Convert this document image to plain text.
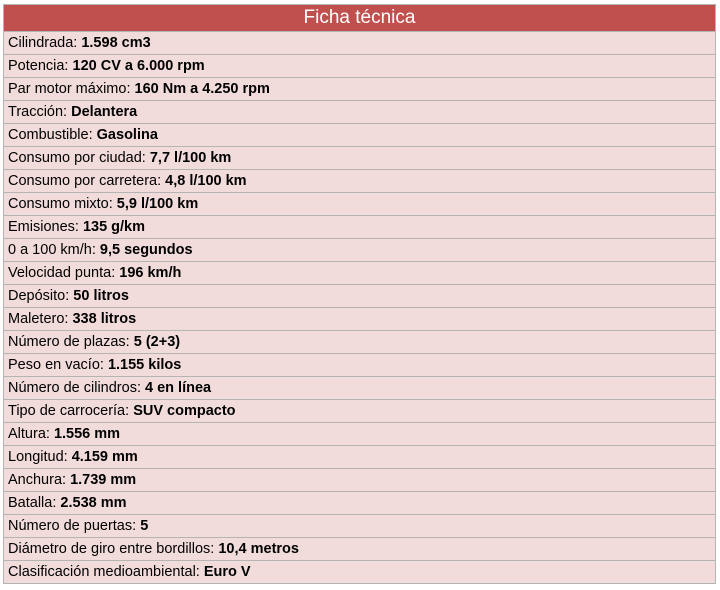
Ficha técnica
Cilindrada: 1.598 cm3
Potencia: 120 CV a 6.000 rpm
Par motor máximo: 160 Nm a 4.250 rpm
Tracción: Delantera
Combustible: Gasolina
Consumo por ciudad: 7,7 l/100 km
Consumo por carretera: 4,8 l/100 km
Consumo mixto: 5,9 l/100 km
Emisiones: 135 g/km
0 a 100 km/h: 9,5 segundos
Velocidad punta: 196 km/h
Depósito: 50 litros
Maletero: 338 litros
Número de plazas: 5 (2+3)
Peso en vacío: 1.155 kilos
Número de cilindros: 4 en línea
Tipo de carrocería: SUV compacto
Altura: 1.556 mm
Longitud: 4.159 mm
Anchura: 1.739 mm
Batalla: 2.538 mm
Número de puertas: 5
Diámetro de giro entre bordillos: 10,4 metros
Clasificación medioambiental: Euro V
